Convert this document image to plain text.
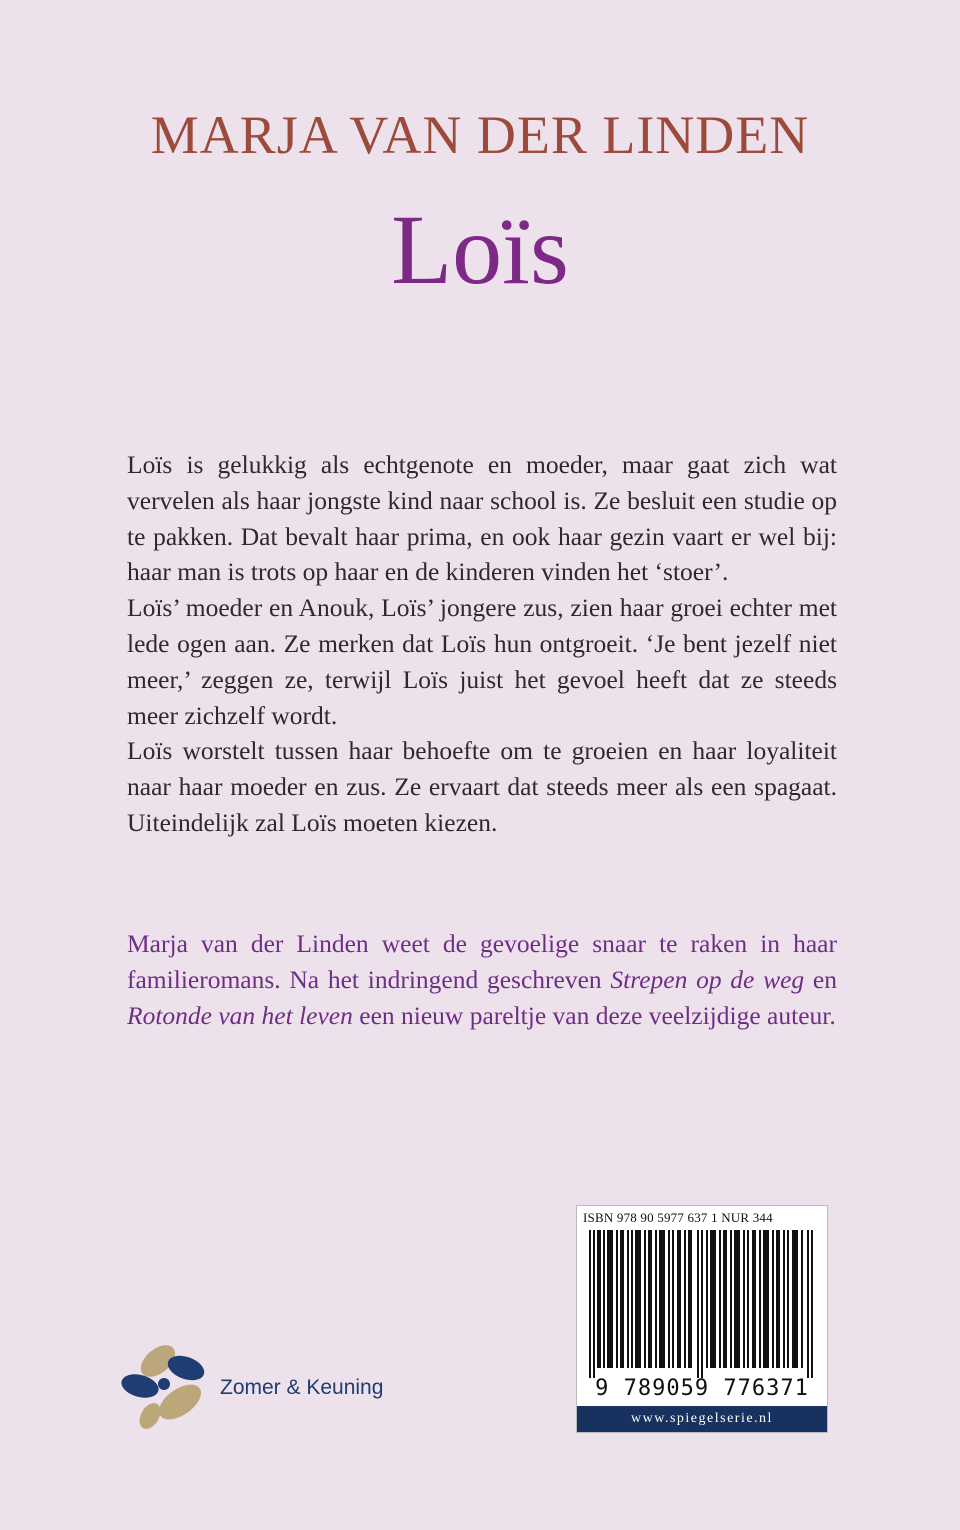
MARJA VAN DER LINDEN
Loïs

Loïs is gelukkig als echtgenote en moeder, maar gaat zich wat vervelen als haar jongste kind naar school is. Ze besluit een studie op te pakken. Dat bevalt haar prima, en ook haar gezin vaart er wel bij: haar man is trots op haar en de kinderen vinden het ‘stoer’.

Loïs’ moeder en Anouk, Loïs’ jongere zus, zien haar groei echter met lede ogen aan. Ze merken dat Loïs hun ontgroeit. ‘Je bent jezelf niet meer,’ zeggen ze, terwijl Loïs juist het gevoel heeft dat ze steeds meer zichzelf wordt.

Loïs worstelt tussen haar behoefte om te groeien en haar loyaliteit naar haar moeder en zus. Ze ervaart dat steeds meer als een spagaat. Uiteindelijk zal Loïs moeten kiezen.

Marja van der Linden weet de gevoelige snaar te raken in haar familieromans. Na het indringend geschreven Strepen op de weg en Rotonde van het leven een nieuw pareltje van deze veelzijdige auteur.

Zomer & Keuning
ISBN 978 90 5977 637 1 NUR 344
9 789059 776371
www.spiegelserie.nl
